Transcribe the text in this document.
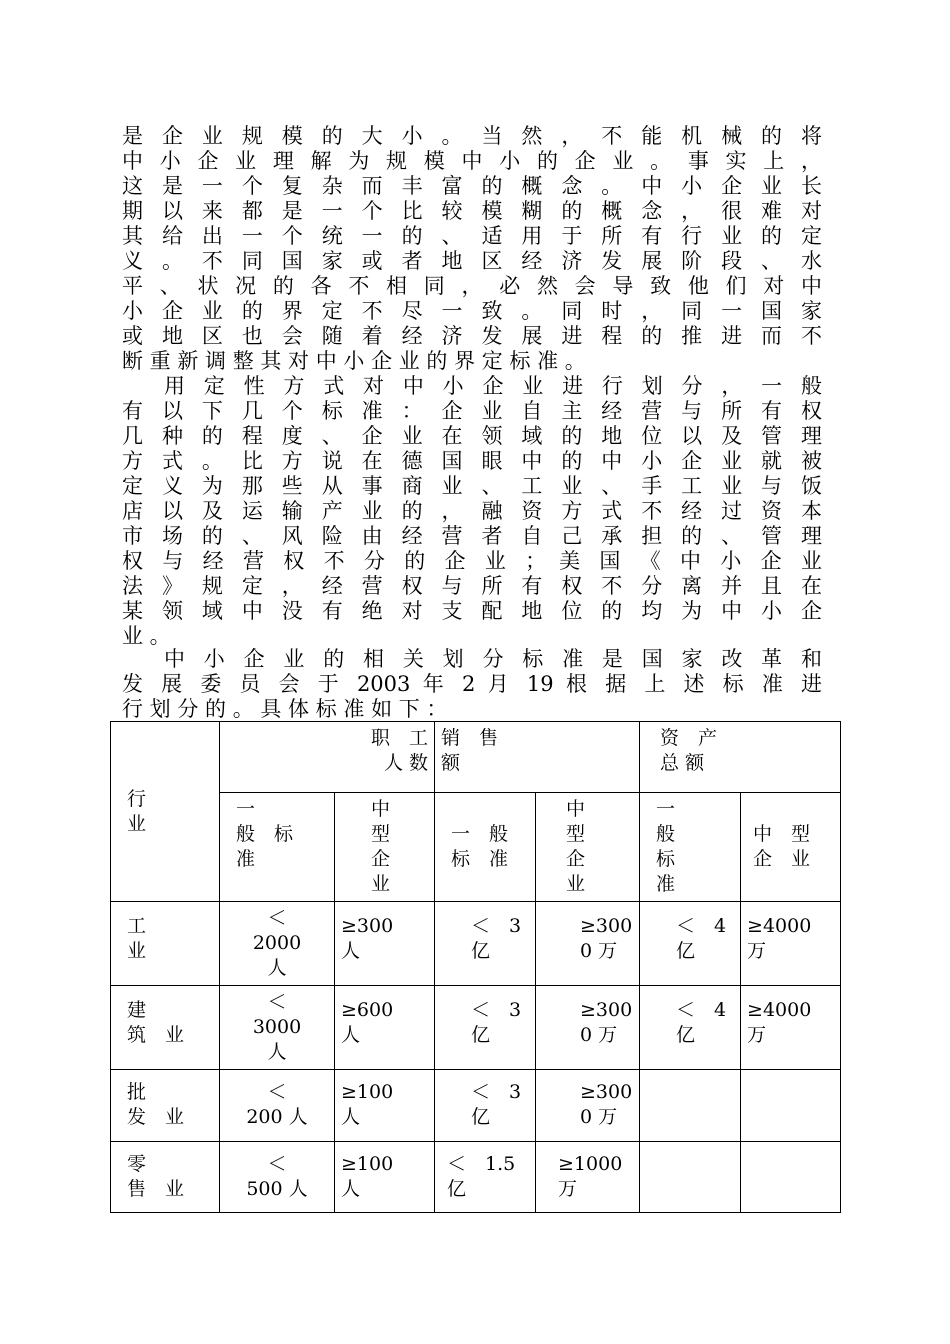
是 企 业 规 模 的 大 小 。 当 然 ， 不 能 机 械 的 将
中 小 企 业 理 解 为 规 模 中 小 的 企 业 。 事 实 上 ，
这 是 一 个 复 杂 而 丰 富 的 概 念 。 中 小 企 业 长
期 以 来 都 是 一 个 比 较 模 糊 的 概 念 ， 很 难 对
其 给 出 一 个 统 一 的 、 适 用 于 所 有 行 业 的 定
义 。 不 同 国 家 或 者 地 区 经 济 发 展 阶 段 、 水
平 、 状 况 的 各 不 相 同 ， 必 然 会 导 致 他 们 对 中
小 企 业 的 界 定 不 尽 一 致 。 同 时 ， 同 一 国 家
或 地 区 也 会 随 着 经 济 发 展 进 程 的 推 进 而 不
断 重 新 调 整 其 对 中 小 企 业 的 界 定 标 准 。
用 定 性 方 式 对 中 小 企 业 进 行 划 分 ， 一 般
有 以 下 几 个 标 准 ： 企 业 自 主 经 营 与 所 有 权
几 种 的 程 度 、 企 业 在 领 域 的 地 位 以 及 管 理
方 式 。 比 方 说 在 德 国 眼 中 的 中 小 企 业 就 被
定 义 为 那 些 从 事 商 业 、 工 业 、 手 工 业 与 饭
店 以 及 运 输 产 业 的 ， 融 资 方 式 不 经 过 资 本
市 场 的 、 风 险 由 经 营 者 自 己 承 担 的 、 管 理
权 与 经 营 权 不 分 的 企 业 ； 美 国 《 中 小 企 业
法 》 规 定 ， 经 营 权 与 所 有 权 不 分 离 并 且 在
某 领 域 中 没 有 绝 对 支 配 地 位 的 均 为 中 小 企
业 。
中 小 企 业 的 相 关 划 分 标 准 是 国 家 改 革 和
发 展 委 员 会 于 2003 年 2 月 19 根 据 上 述 标 准 进
行 划 分 的 。 具 体 标 准 如 下 ：
行
业	职　工
人 数		销　售
额		资　产
总 额	

	一
般　标
准	中
型
企
业	一　般
标　准	中
型
企
业	一
般
标
准	中　型
企　业

工
业	＜
2000
人	≥300
人	＜　3
亿	≥300
0 万	＜　4
亿	≥4000
万

建
筑　业	＜
3000
人	≥600
人	＜　3
亿	≥300
0 万	＜　4
亿	≥4000
万

批
发　业	＜
200 人	≥100
人	＜　3
亿	≥300
0 万		

零
售　业	＜
500 人	≥100
人	＜　1.5
亿	≥1000
万		
